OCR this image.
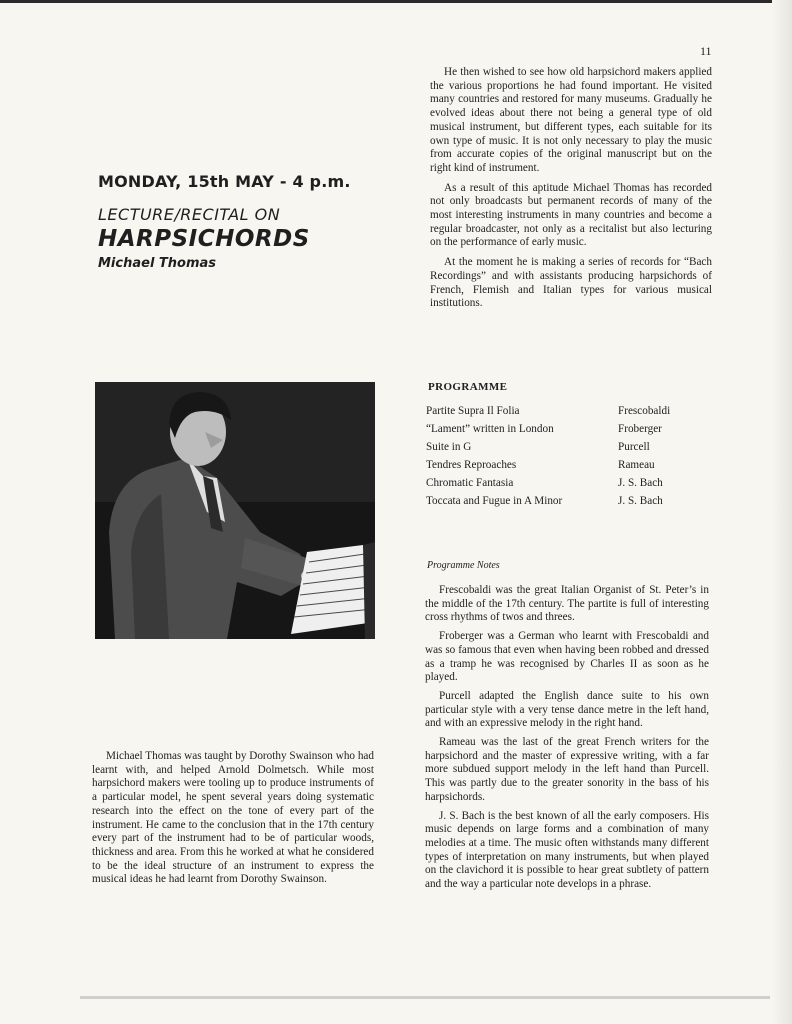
11
MONDAY, 15th MAY - 4 p.m.
LECTURE/RECITAL ON
HARPSICHORDS
Michael Thomas

Michael Thomas was taught by Dorothy Swainson who had learnt with, and helped Arnold Dolmetsch. While most harpsichord makers were tooling up to produce instruments of a particular model, he spent several years doing systematic research into the effect on the tone of every part of the instrument. He came to the conclusion that in the 17th century every part of the instrument had to be of particular woods, thickness and area. From this he worked at what he considered to be the ideal structure of an instrument to express the musical ideas he had learnt from Dorothy Swainson.

He then wished to see how old harpsichord makers applied the various proportions he had found important. He visited many countries and restored for many museums. Gradually he evolved ideas about there not being a general type of old musical instrument, but different types, each suitable for its own type of music. It is not only necessary to play the music from accurate copies of the original manuscript but on the right kind of instrument.

As a result of this aptitude Michael Thomas has recorded not only broadcasts but permanent records of many of the most interesting instruments in many countries and become a regular broadcaster, not only as a recitalist but also lecturing on the performance of early music.

At the moment he is making a series of records for “Bach Recordings” and with assistants producing harpsichords of French, Flemish and Italian types for various musical institutions.

PROGRAMME
Partite Supra Il Folia	Frescobaldi
“Lament” written in London	Froberger
Suite in G	Purcell
Tendres Reproaches	Rameau
Chromatic Fantasia	J. S. Bach
Toccata and Fugue in A Minor	J. S. Bach
Programme Notes

Frescobaldi was the great Italian Organist of St. Peter’s in the middle of the 17th century. The partite is full of interesting cross rhythms of twos and threes.

Froberger was a German who learnt with Frescobaldi and was so famous that even when having been robbed and dressed as a tramp he was recognised by Charles II as soon as he played.

Purcell adapted the English dance suite to his own particular style with a very tense dance metre in the left hand, and with an expressive melody in the right hand.

Rameau was the last of the great French writers for the harpsichord and the master of expressive writing, with a far more subdued support melody in the left hand than Purcell. This was partly due to the greater sonority in the bass of his harpsichords.

J. S. Bach is the best known of all the early composers. His music depends on large forms and a combination of many melodies at a time. The music often withstands many different types of interpretation on many instruments, but when played on the clavichord it is possible to hear great subtlety of pattern and the way a particular note develops in a phrase.
